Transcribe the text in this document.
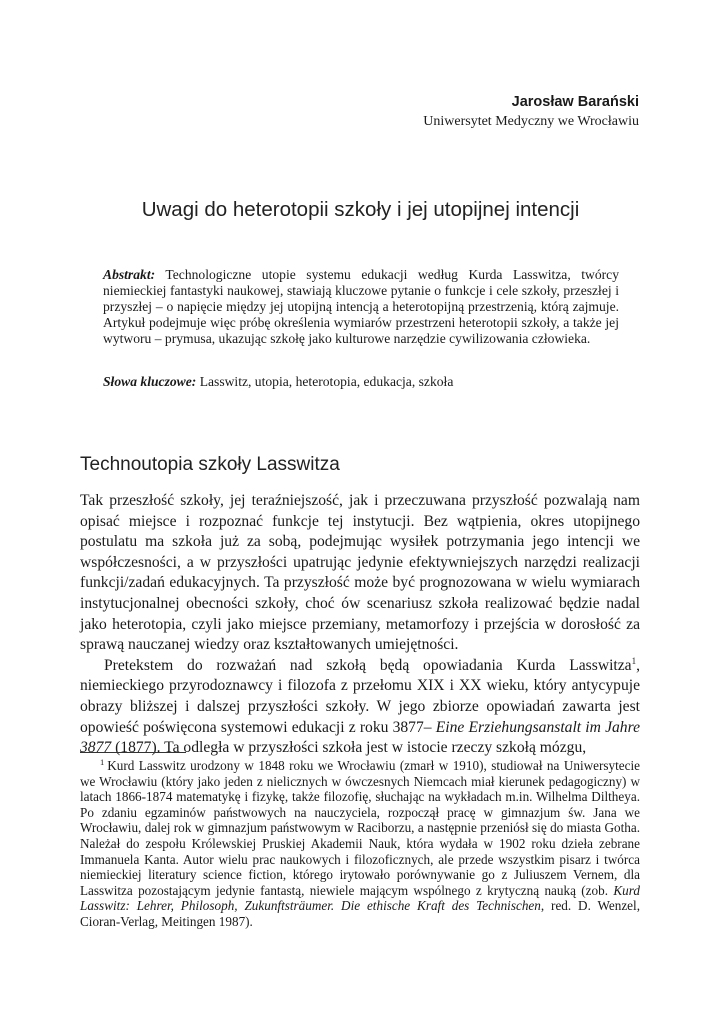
Jarosław Barański
Uniwersytet Medyczny we Wrocławiu
Uwagi do heterotopii szkoły i jej utopijnej intencji
Abstrakt: Technologiczne utopie systemu edukacji według Kurda Lasswitza, twórcy niemieckiej fantastyki naukowej, stawiają kluczowe pytanie o funkcje i cele szkoły, przeszłej i przyszłej – o napięcie między jej utopijną intencją a heterotopijną przestrzenią, którą zajmuje. Artykuł podejmuje więc próbę określenia wymiarów przestrzeni heterotopii szkoły, a także jej wytworu – prymusa, ukazując szkołę jako kulturowe narzędzie cywilizowania człowieka.
Słowa kluczowe: Lasswitz, utopia, heterotopia, edukacja, szkoła
Technoutopia szkoły Lasswitza

Tak przeszłość szkoły, jej teraźniejszość, jak i przeczuwana przyszłość pozwalają nam opisać miejsce i rozpoznać funkcje tej instytucji. Bez wątpienia, okres utopijnego postulatu ma szkoła już za sobą, podejmując wysiłek potrzymania jego intencji we współczesności, a w przyszłości upatrując jedynie efektywniejszych narzędzi realizacji funkcji/zadań edukacyjnych. Ta przyszłość może być prognozowana w wielu wymiarach instytucjonalnej obecności szkoły, choć ów scenariusz szkoła realizować będzie nadal jako heterotopia, czyli jako miejsce przemiany, metamorfozy i przejścia w dorosłość za sprawą nauczanej wiedzy oraz kształtowanych umiejętności.

Pretekstem do rozważań nad szkołą będą opowiadania Kurda Lasswitza$^1$, niemieckiego przyrodoznawcy i filozofa z przełomu XIX i XX wieku, który antycypuje obrazy bliższej i dalszej przyszłości szkoły. W jego zbiorze opowiadań zawarta jest opowieść poświęcona systemowi edukacji z roku 3877– Eine Erziehungsanstalt im Jahre 3877 (1877). Ta odległa w przyszłości szkoła jest w istocie rzeczy szkołą mózgu,

$^1$ Kurd Lasswitz urodzony w 1848 roku we Wrocławiu (zmarł w 1910), studiował na Uniwersytecie we Wrocławiu (który jako jeden z nielicznych w ówczesnych Niemcach miał kierunek pedagogiczny) w latach 1866-1874 matematykę i fizykę, także filozofię, słuchając na wykładach m.in. Wilhelma Diltheya. Po zdaniu egzaminów państwowych na nauczyciela, rozpoczął pracę w gimnazjum św. Jana we Wrocławiu, dalej rok w gimnazjum państwowym w Raciborzu, a następnie przeniósł się do miasta Gotha. Należał do zespołu Królewskiej Pruskiej Akademii Nauk, która wydała w 1902 roku dzieła zebrane Immanuela Kanta. Autor wielu prac naukowych i filozoficznych, ale przede wszystkim pisarz i twórca niemieckiej literatury science fiction, którego irytowało porównywanie go z Juliuszem Vernem, dla Lasswitza pozostającym jedynie fantastą, niewiele mającym wspólnego z krytyczną nauką (zob. Kurd Lasswitz: Lehrer, Philosoph, Zukunftsträumer. Die ethische Kraft des Technischen, red. D. Wenzel, Cioran-Verlag, Meitingen 1987).
